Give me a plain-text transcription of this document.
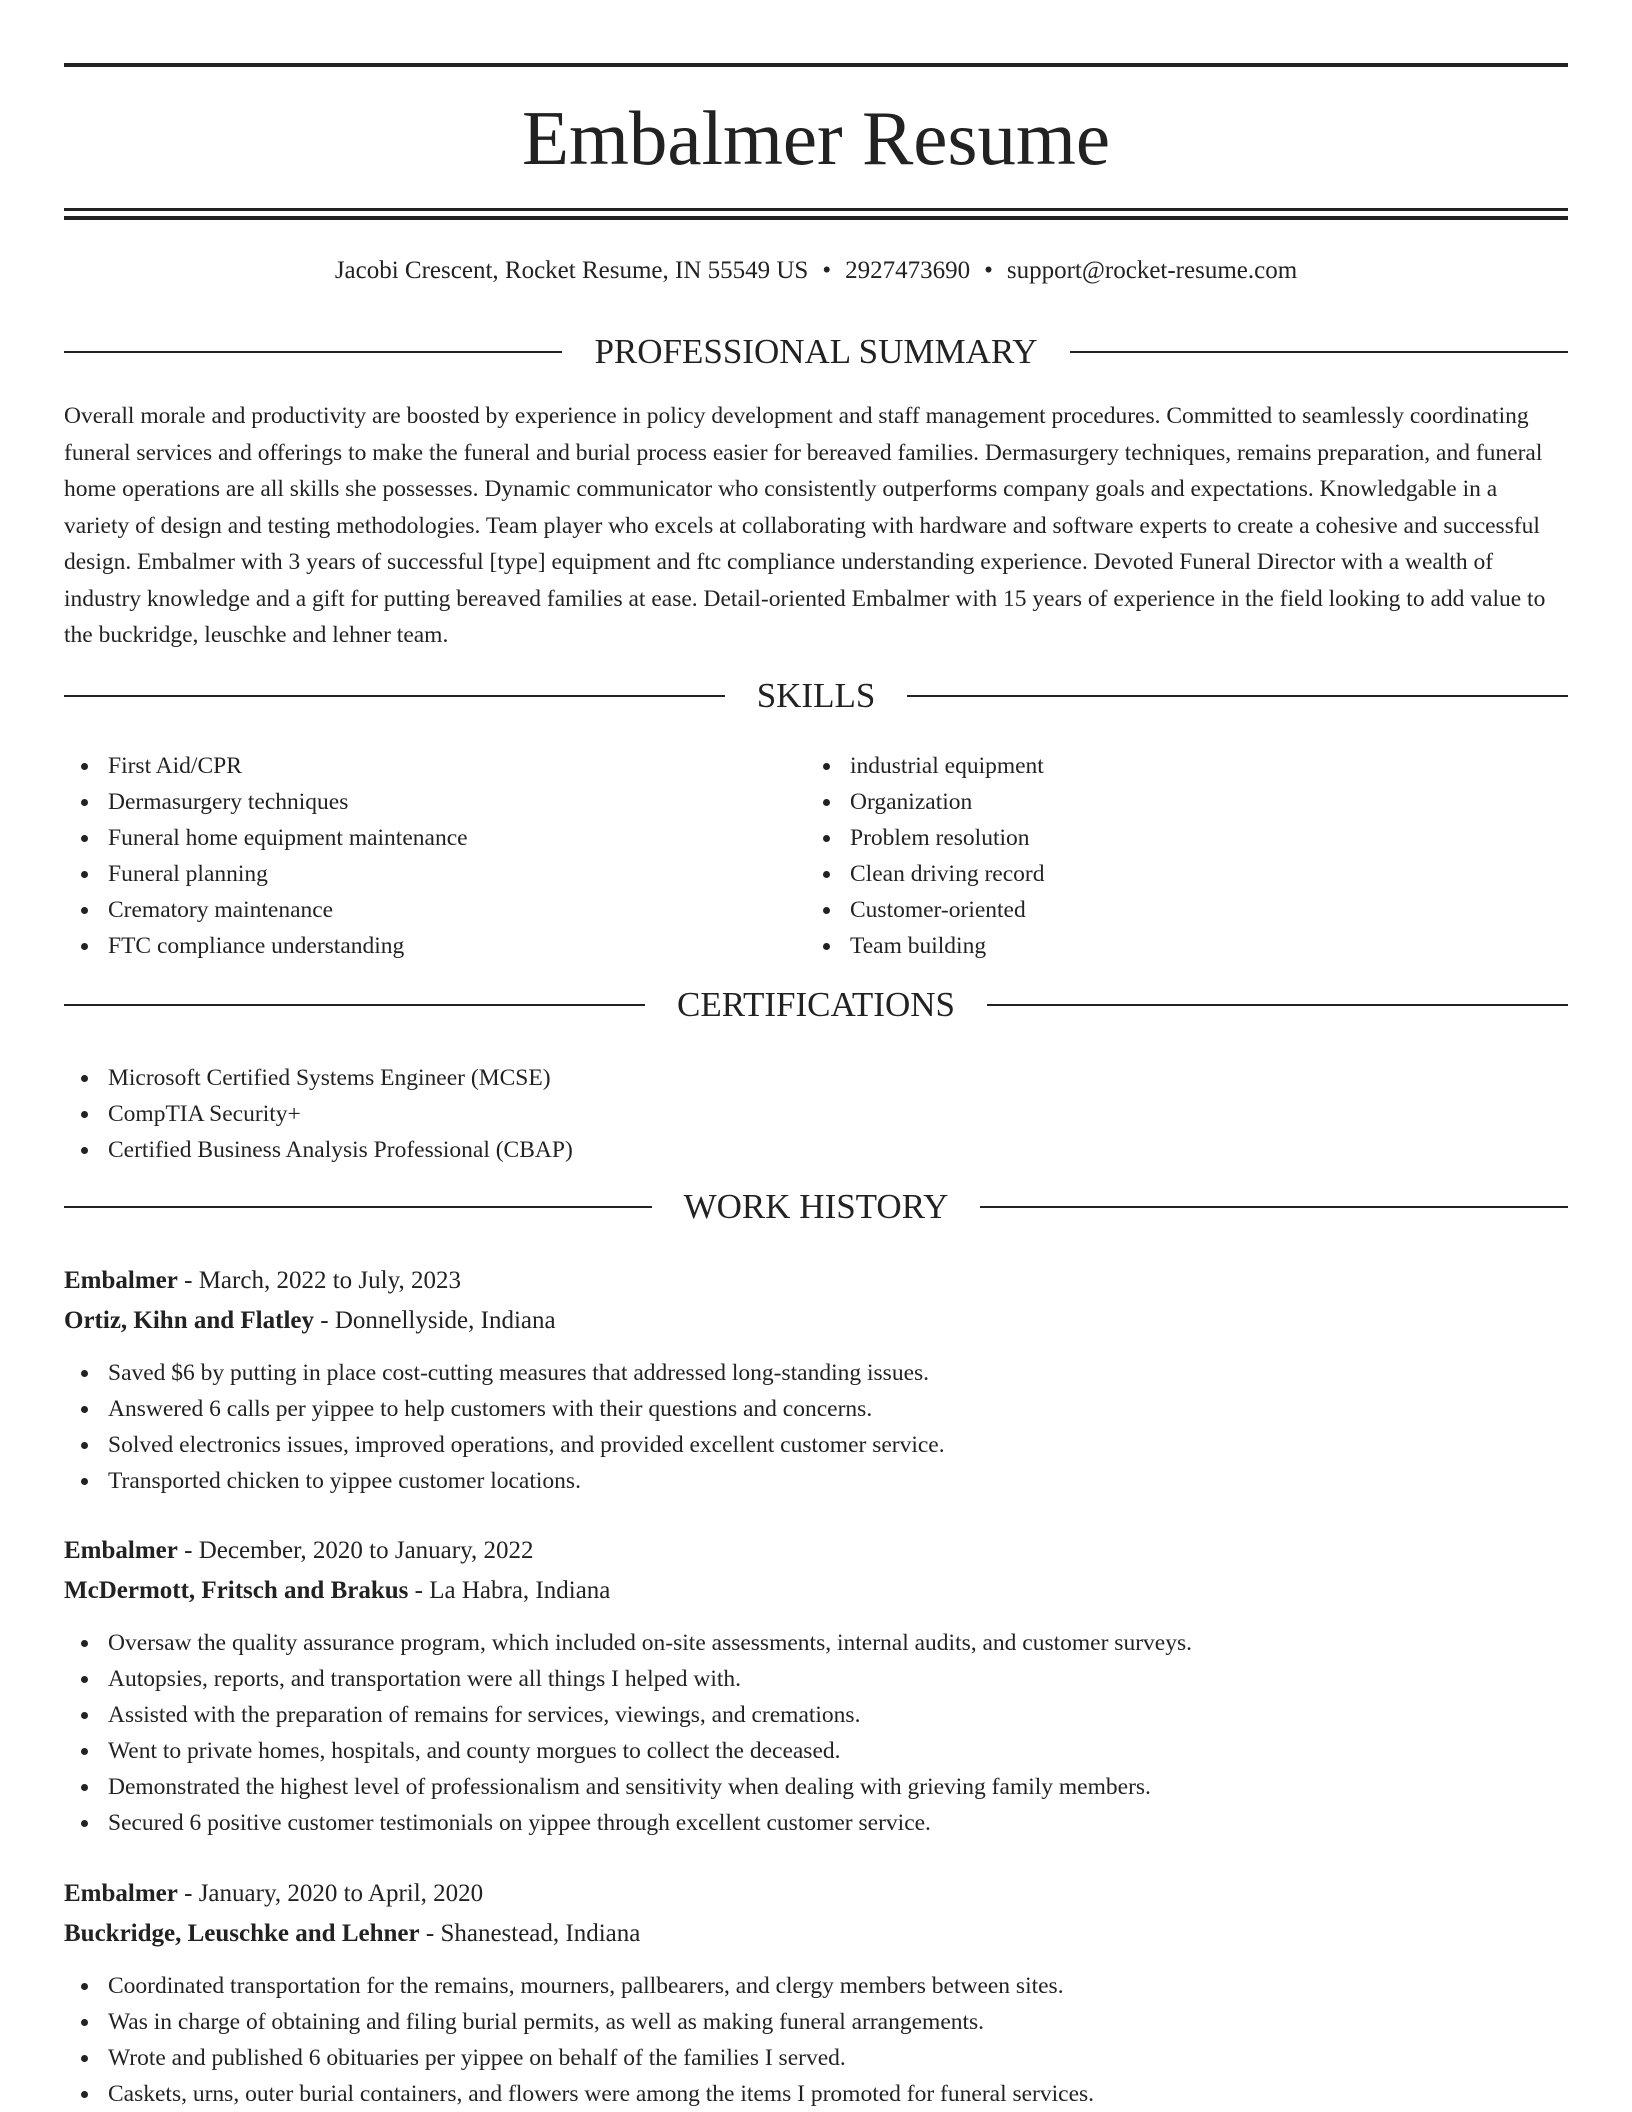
Embalmer Resume
Jacobi Crescent, Rocket Resume, IN 55549 US • 2927473690 • support@rocket-resume.com
PROFESSIONAL SUMMARY

Overall morale and productivity are boosted by experience in policy development and staff management procedures. Committed to seamlessly coordinating funeral services and offerings to make the funeral and burial process easier for bereaved families. Dermasurgery techniques, remains preparation, and funeral home operations are all skills she possesses. Dynamic communicator who consistently outperforms company goals and expectations. Knowledgable in a variety of design and testing methodologies. Team player who excels at collaborating with hardware and software experts to create a cohesive and successful design. Embalmer with 3 years of successful [type] equipment and ftc compliance understanding experience. Devoted Funeral Director with a wealth of industry knowledge and a gift for putting bereaved families at ease. Detail-oriented Embalmer with 15 years of experience in the field looking to add value to the buckridge, leuschke and lehner team.

SKILLS
First Aid/CPR
Dermasurgery techniques
Funeral home equipment maintenance
Funeral planning
Crematory maintenance
FTC compliance understanding
industrial equipment
Organization
Problem resolution
Clean driving record
Customer-oriented
Team building
CERTIFICATIONS
Microsoft Certified Systems Engineer (MCSE)
CompTIA Security+
Certified Business Analysis Professional (CBAP)
WORK HISTORY
Embalmer - March, 2022 to July, 2023
Ortiz, Kihn and Flatley - Donnellyside, Indiana
Saved $6 by putting in place cost-cutting measures that addressed long-standing issues.
Answered 6 calls per yippee to help customers with their questions and concerns.
Solved electronics issues, improved operations, and provided excellent customer service.
Transported chicken to yippee customer locations.
Embalmer - December, 2020 to January, 2022
McDermott, Fritsch and Brakus - La Habra, Indiana
Oversaw the quality assurance program, which included on-site assessments, internal audits, and customer surveys.
Autopsies, reports, and transportation were all things I helped with.
Assisted with the preparation of remains for services, viewings, and cremations.
Went to private homes, hospitals, and county morgues to collect the deceased.
Demonstrated the highest level of professionalism and sensitivity when dealing with grieving family members.
Secured 6 positive customer testimonials on yippee through excellent customer service.
Embalmer - January, 2020 to April, 2020
Buckridge, Leuschke and Lehner - Shanestead, Indiana
Coordinated transportation for the remains, mourners, pallbearers, and clergy members between sites.
Was in charge of obtaining and filing burial permits, as well as making funeral arrangements.
Wrote and published 6 obituaries per yippee on behalf of the families I served.
Caskets, urns, outer burial containers, and flowers were among the items I promoted for funeral services.
